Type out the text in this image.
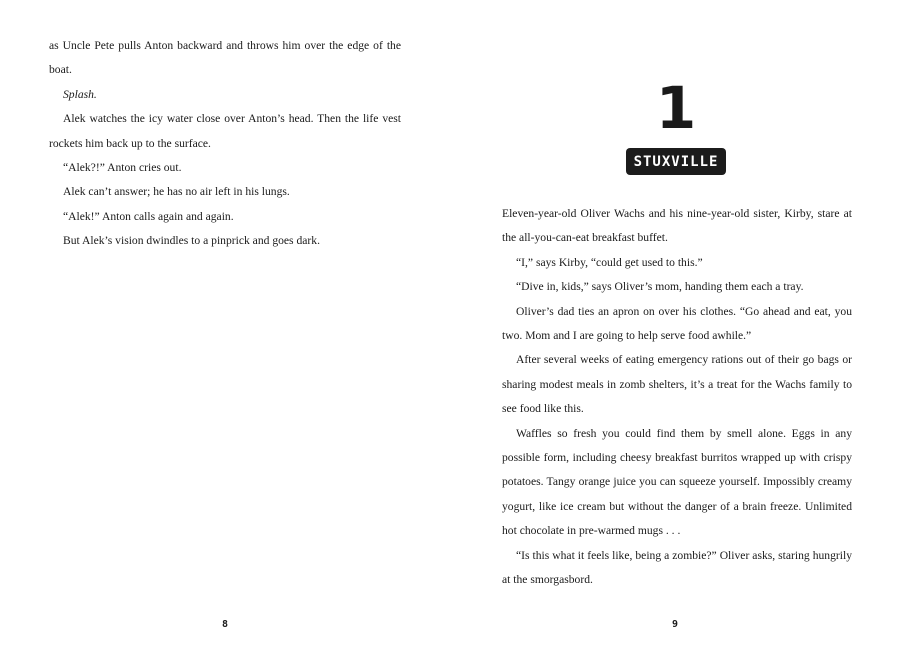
as Uncle Pete pulls Anton backward and throws him over the edge of the boat.

Splash.

Alek watches the icy water close over Anton’s head. Then the life vest rockets him back up to the surface.

“Alek?!” Anton cries out.

Alek can’t answer; he has no air left in his lungs.

“Alek!” Anton calls again and again.

But Alek’s vision dwindles to a pinprick and goes dark.

8
1
STUXVILLE

Eleven-year-old Oliver Wachs and his nine-year-old sister, Kirby, stare at the all-you-can-eat breakfast buffet.

“I,” says Kirby, “could get used to this.”

“Dive in, kids,” says Oliver’s mom, handing them each a tray.

Oliver’s dad ties an apron on over his clothes. “Go ahead and eat, you two. Mom and I are going to help serve food awhile.”

After several weeks of eating emergency rations out of their go bags or sharing modest meals in zomb shelters, it’s a treat for the Wachs family to see food like this.

Waffles so fresh you could find them by smell alone. Eggs in any possible form, including cheesy breakfast burritos wrapped up with crispy potatoes. Tangy orange juice you can squeeze yourself. Impossibly creamy yogurt, like ice cream but without the danger of a brain freeze. Unlimited hot chocolate in pre-warmed mugs . . .

“Is this what it feels like, being a zombie?” Oliver asks, staring hungrily at the smorgasbord.

9
